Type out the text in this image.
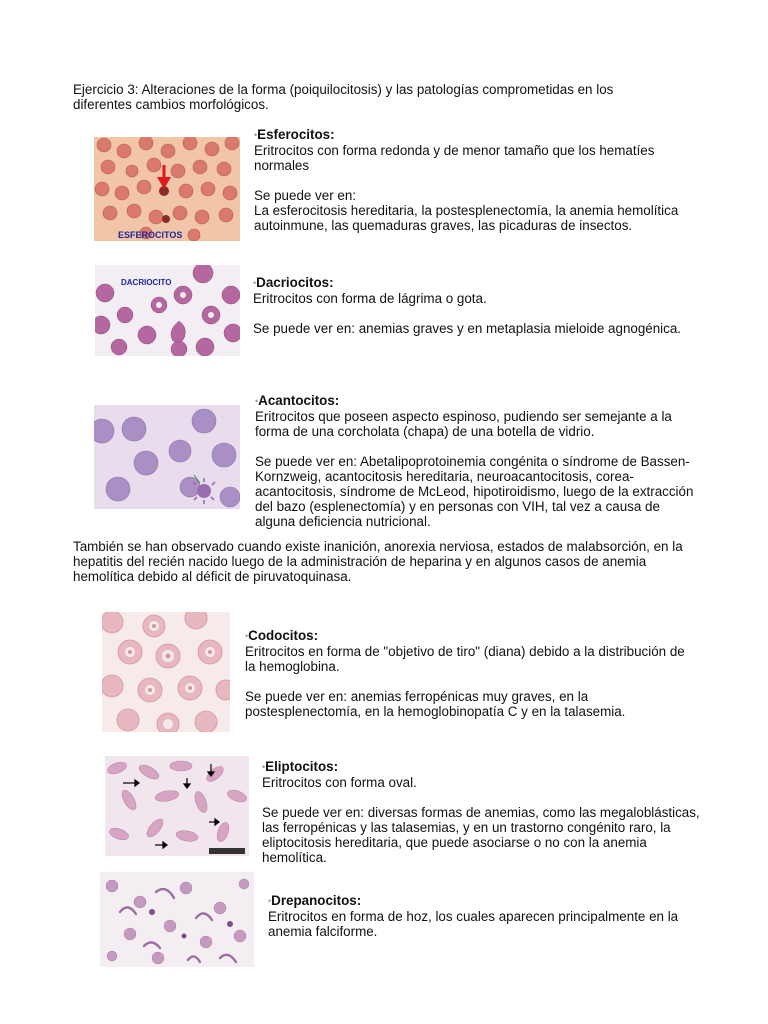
Ejercicio 3: Alteraciones de la forma (poiquilocitosis) y las patologías comprometidas en los diferentes cambios morfológicos.

ESFEROCITOS
•Esferocitos:

Eritrocitos con forma redonda y de menor tamaño que los hematíes normales

Se puede ver en:
La esferocitosis hereditaria, la postesplenectomía, la anemia hemolítica autoinmune, las quemaduras graves, las picaduras de insectos.

DACRIOCITO	•Dacriocitos:

Eritrocitos con forma de lágrima o gota.

Se puede ver en: anemias graves y en metaplasia mieloide agnogénica.

•Acantocitos:

Eritrocitos que poseen aspecto espinoso, pudiendo ser semejante a la forma de una corcholata (chapa) de una botella de vidrio.

Se puede ver en: Abetalipoprotoinemia congénita o síndrome de Bassen-Kornzweig, acantocitosis hereditaria, neuroacantocitosis, corea-acantocitosis, síndrome de McLeod, hipotiroidismo, luego de la extracción del bazo (esplenectomía) y en personas con VIH, tal vez a causa de alguna deficiencia nutricional.

También se han observado cuando existe inanición, anorexia nerviosa, estados de malabsorción, en la hepatitis del recién nacido luego de la administración de heparina y en algunos casos de anemia hemolítica debido al déficit de piruvatoquinasa.

•Codocitos:

Eritrocitos en forma de "objetivo de tiro" (diana) debido a la distribución de la hemoglobina.

Se puede ver en: anemias ferropénicas muy graves, en la postesplenectomía, en la hemoglobinopatía C y en la talasemia.

•Eliptocitos:

Eritrocitos con forma oval.

Se puede ver en: diversas formas de anemias, como las megaloblásticas, las ferropénicas y las talasemias, y en un trastorno congénito raro, la eliptocitosis hereditaria, que puede asociarse o no con la anemia hemolítica.

•Drepanocitos:

Eritrocitos en forma de hoz, los cuales aparecen principalmente en la anemia falciforme.
